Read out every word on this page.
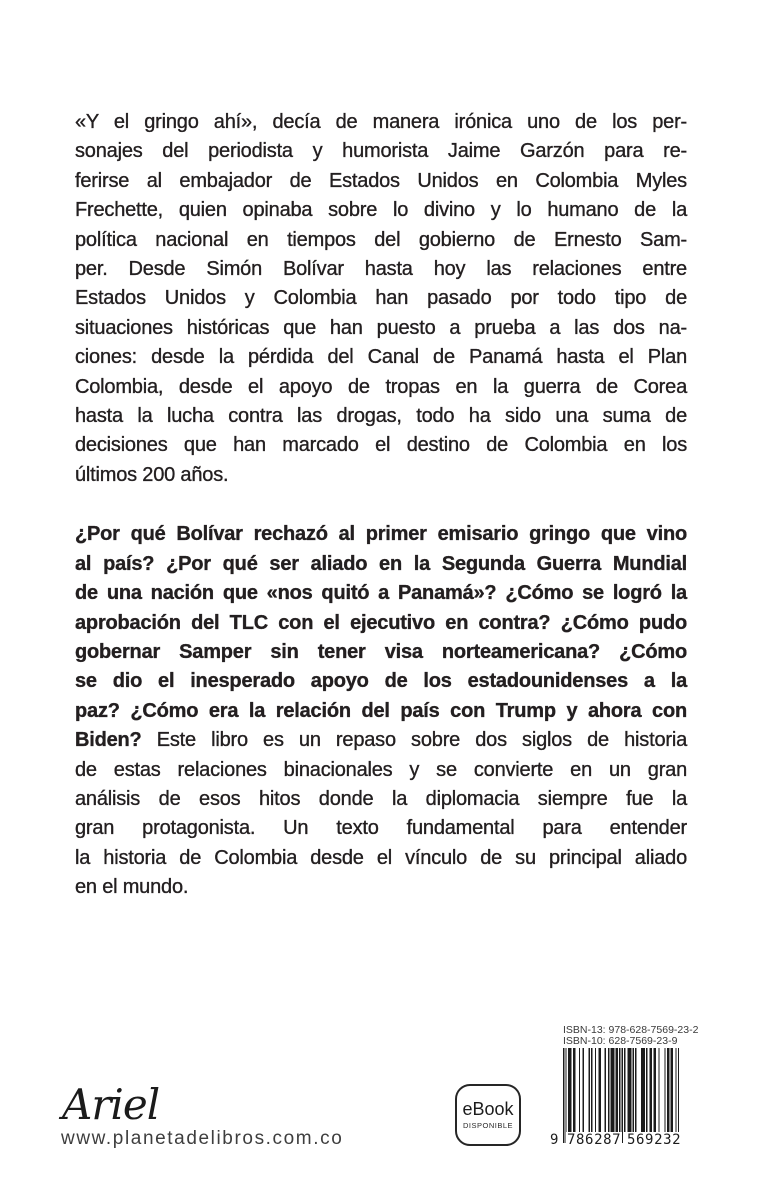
«Y el gringo ahí», decía de manera irónica uno de los per-
sonajes del periodista y humorista Jaime Garzón para re-
ferirse al embajador de Estados Unidos en Colombia Myles
Frechette, quien opinaba sobre lo divino y lo humano de la
política nacional en tiempos del gobierno de Ernesto Sam-
per. Desde Simón Bolívar hasta hoy las relaciones entre
Estados Unidos y Colombia han pasado por todo tipo de
situaciones históricas que han puesto a prueba a las dos na-
ciones: desde la pérdida del Canal de Panamá hasta el Plan
Colombia, desde el apoyo de tropas en la guerra de Corea
hasta la lucha contra las drogas, todo ha sido una suma de
decisiones que han marcado el destino de Colombia en los
últimos 200 años.
¿Por qué Bolívar rechazó al primer emisario gringo que vino
al país? ¿Por qué ser aliado en la Segunda Guerra Mundial
de una nación que «nos quitó a Panamá»? ¿Cómo se logró la
aprobación del TLC con el ejecutivo en contra? ¿Cómo pudo
gobernar Samper sin tener visa norteamericana? ¿Cómo
se dio el inesperado apoyo de los estadounidenses a la
paz? ¿Cómo era la relación del país con Trump y ahora con
Biden? Este libro es un repaso sobre dos siglos de historia
de estas relaciones binacionales y se convierte en un gran
análisis de esos hitos donde la diplomacia siempre fue la
gran protagonista. Un texto fundamental para entender
la historia de Colombia desde el vínculo de su principal aliado
en el mundo.
Ariel
www.planetadelibros.com.co
eBook
DISPONIBLE
ISBN-13: 978-628-7569-23-2
ISBN-10: 628-7569-23-9
9 786287 569232
